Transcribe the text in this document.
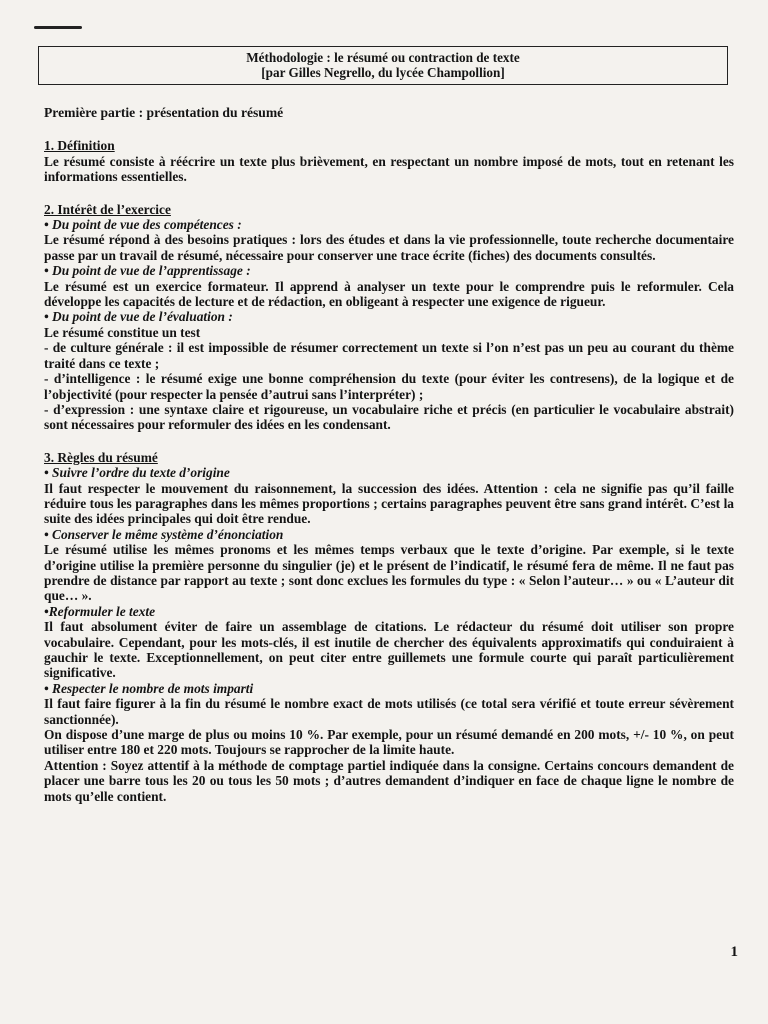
Méthodologie : le résumé ou contraction de texte
[par Gilles Negrello, du lycée Champollion]

Première partie : présentation du résumé

1. Définition

Le résumé consiste à réécrire un texte plus brièvement, en respectant un nombre imposé de mots, tout en retenant les informations essentielles.

2. Intérêt de l’exercice

• Du point de vue des compétences :

Le résumé répond à des besoins pratiques : lors des études et dans la vie professionnelle, toute recherche documentaire passe par un travail de résumé, nécessaire pour conserver une trace écrite (fiches) des documents consultés.

• Du point de vue de l’apprentissage :

Le résumé est un exercice formateur. Il apprend à analyser un texte pour le comprendre puis le reformuler. Cela développe les capacités de lecture et de rédaction, en obligeant à respecter une exigence de rigueur.

• Du point de vue de l’évaluation :

Le résumé constitue un test

- de culture générale : il est impossible de résumer correctement un texte si l’on n’est pas un peu au courant du thème traité dans ce texte ;

- d’intelligence : le résumé exige une bonne compréhension du texte (pour éviter les contresens), de la logique et de l’objectivité (pour respecter la pensée d’autrui sans l’interpréter) ;

- d’expression : une syntaxe claire et rigoureuse, un vocabulaire riche et précis (en particulier le vocabulaire abstrait) sont nécessaires pour reformuler des idées en les condensant.

3. Règles du résumé

• Suivre l’ordre du texte d’origine

Il faut respecter le mouvement du raisonnement, la succession des idées. Attention : cela ne signifie pas qu’il faille réduire tous les paragraphes dans les mêmes proportions ; certains paragraphes peuvent être sans grand intérêt. C’est la suite des idées principales qui doit être rendue.

• Conserver le même système d’énonciation

Le résumé utilise les mêmes pronoms et les mêmes temps verbaux que le texte d’origine. Par exemple, si le texte d’origine utilise la première personne du singulier (je) et le présent de l’indicatif, le résumé fera de même. Il ne faut pas prendre de distance par rapport au texte ; sont donc exclues les formules du type : « Selon l’auteur… » ou « L’auteur dit que… ».

•Reformuler le texte

Il faut absolument éviter de faire un assemblage de citations. Le rédacteur du résumé doit utiliser son propre vocabulaire. Cependant, pour les mots-clés, il est inutile de chercher des équivalents approximatifs qui conduiraient à gauchir le texte. Exceptionnellement, on peut citer entre guillemets une formule courte qui paraît particulièrement significative.

• Respecter le nombre de mots imparti

Il faut faire figurer à la fin du résumé le nombre exact de mots utilisés (ce total sera vérifié et toute erreur sévèrement sanctionnée).

On dispose d’une marge de plus ou moins 10 %. Par exemple, pour un résumé demandé en 200 mots, +/- 10 %, on peut utiliser entre 180 et 220 mots. Toujours se rapprocher de la limite haute.

Attention : Soyez attentif à la méthode de comptage partiel indiquée dans la consigne. Certains concours demandent de placer une barre tous les 20 ou tous les 50 mots ; d’autres demandent d’indiquer en face de chaque ligne le nombre de mots qu’elle contient.

1
